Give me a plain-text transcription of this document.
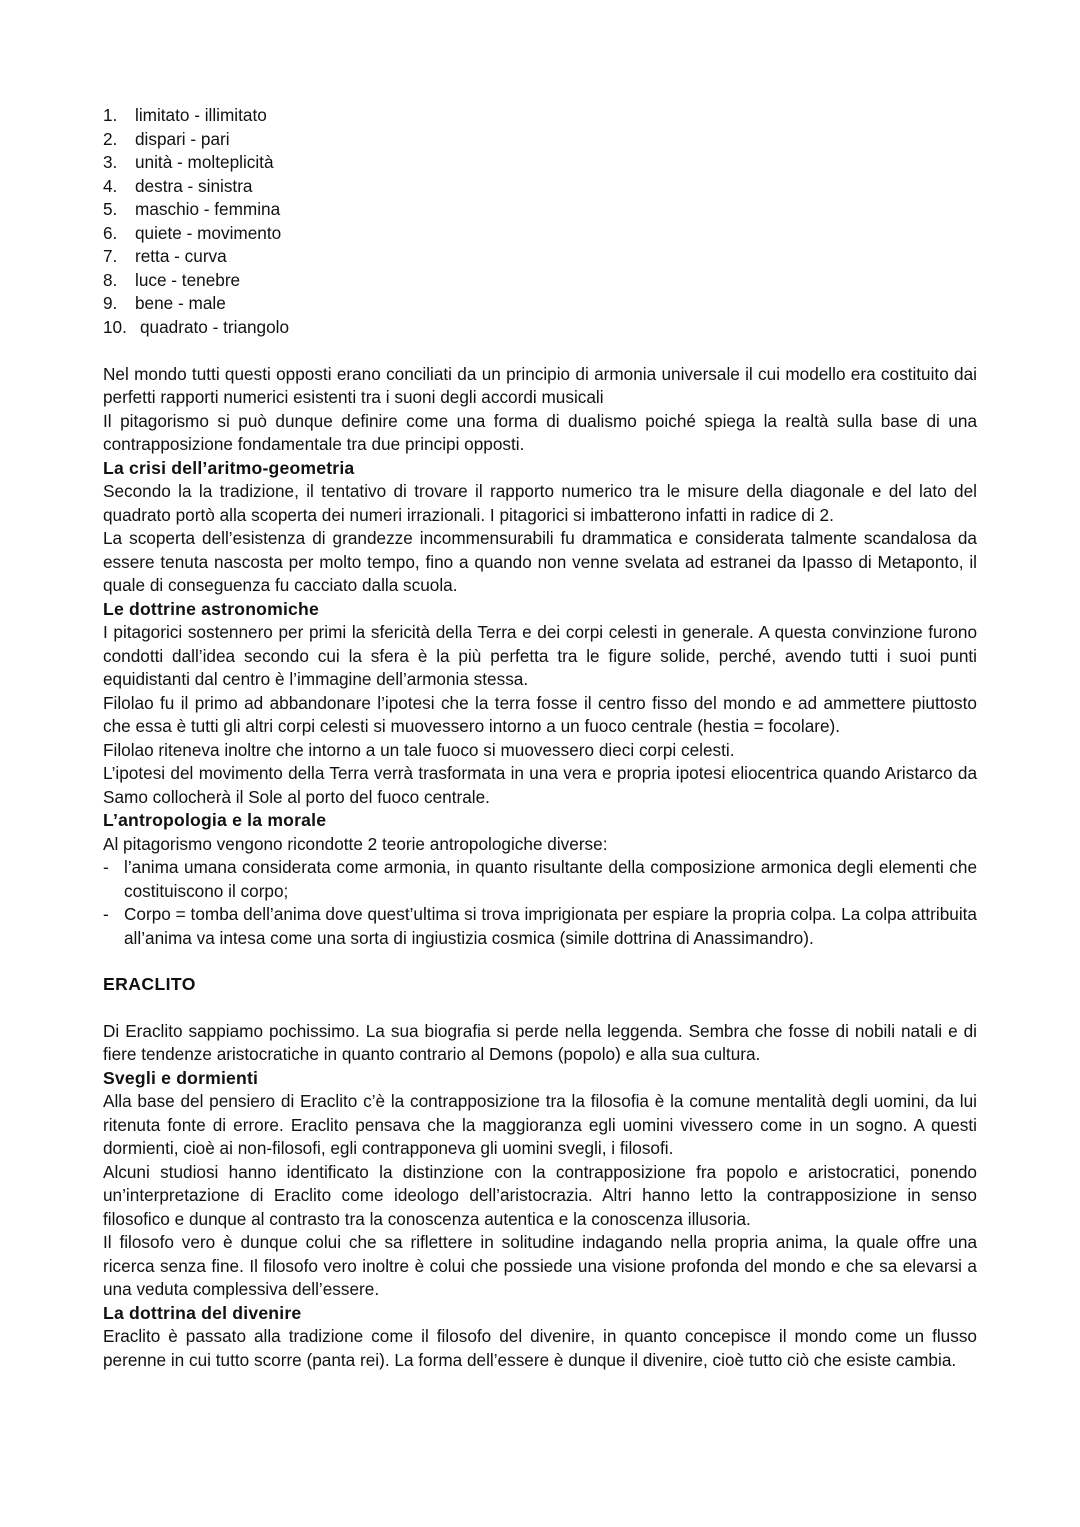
1.	limitato - illimitato
2.	dispari - pari
3.	unità - molteplicità
4.	destra - sinistra
5.	maschio - femmina
6.	quiete - movimento
7.	retta - curva
8.	luce - tenebre
9.	bene - male
10. quadrato - triangolo

Nel mondo tutti questi opposti erano conciliati da un principio di armonia universale il cui modello era costituito dai perfetti rapporti numerici esistenti tra i suoni degli accordi musicali

Il pitagorismo si può dunque definire come una forma di dualismo poiché spiega la realtà sulla base di una contrapposizione fondamentale tra due principi opposti.

La crisi dell’aritmo-geometria

Secondo la la tradizione, il tentativo di trovare il rapporto numerico tra le misure della diagonale e del lato del quadrato portò alla scoperta dei numeri irrazionali. I pitagorici si imbatterono infatti in radice di 2.

La scoperta dell’esistenza di grandezze incommensurabili fu drammatica e considerata talmente scandalosa da essere tenuta nascosta per molto tempo, fino a quando non venne svelata ad estranei da Ipasso di Metaponto, il quale di conseguenza fu cacciato dalla scuola.

Le dottrine astronomiche

I pitagorici sostennero per primi la sfericità della Terra e dei corpi celesti in generale. A questa convinzione furono condotti dall’idea secondo cui la sfera è la più perfetta tra le figure solide, perché, avendo tutti i suoi punti equidistanti dal centro è l’immagine dell’armonia stessa.

Filolao fu il primo ad abbandonare l’ipotesi che la terra fosse il centro fisso del mondo e ad ammettere piuttosto che essa è tutti gli altri corpi celesti si muovessero intorno a un fuoco centrale (hestia = focolare).

Filolao riteneva inoltre che intorno a un tale fuoco si muovessero dieci corpi celesti.

L’ipotesi del movimento della Terra verrà trasformata in una vera e propria ipotesi eliocentrica quando Aristarco da Samo collocherà il Sole al porto del fuoco centrale.

L’antropologia e la morale

Al pitagorismo vengono ricondotte 2 teorie antropologiche diverse:

- l’anima umana considerata come armonia, in quanto risultante della composizione armonica degli elementi che costituiscono il corpo;
- Corpo = tomba dell’anima dove quest’ultima si trova imprigionata per espiare la propria colpa. La colpa attribuita all’anima va intesa come una sorta di ingiustizia cosmica (simile dottrina di Anassimandro).
ERACLITO

Di Eraclito sappiamo pochissimo. La sua biografia si perde nella leggenda. Sembra che fosse di nobili natali e di fiere tendenze aristocratiche in quanto contrario al Demons (popolo) e alla sua cultura.

Svegli e dormienti

Alla base del pensiero di Eraclito c’è la contrapposizione tra la filosofia è la comune mentalità degli uomini, da lui ritenuta fonte di errore. Eraclito pensava che la maggioranza egli uomini vivessero come in un sogno. A questi dormienti, cioè ai non-filosofi, egli contrapponeva gli uomini svegli, i filosofi.

Alcuni studiosi hanno identificato la distinzione con la contrapposizione fra popolo e aristocratici, ponendo un’interpretazione di Eraclito come ideologo dell’aristocrazia. Altri hanno letto la contrapposizione in senso filosofico e dunque al contrasto tra la conoscenza autentica e la conoscenza illusoria.

Il filosofo vero è dunque colui che sa riflettere in solitudine indagando nella propria anima, la quale offre una ricerca senza fine. Il filosofo vero inoltre è colui che possiede una visione profonda del mondo e che sa elevarsi a una veduta complessiva dell’essere.

La dottrina del divenire

Eraclito è passato alla tradizione come il filosofo del divenire, in quanto concepisce il mondo come un flusso perenne in cui tutto scorre (panta rei). La forma dell’essere è dunque il divenire, cioè tutto ciò che esiste cambia.
